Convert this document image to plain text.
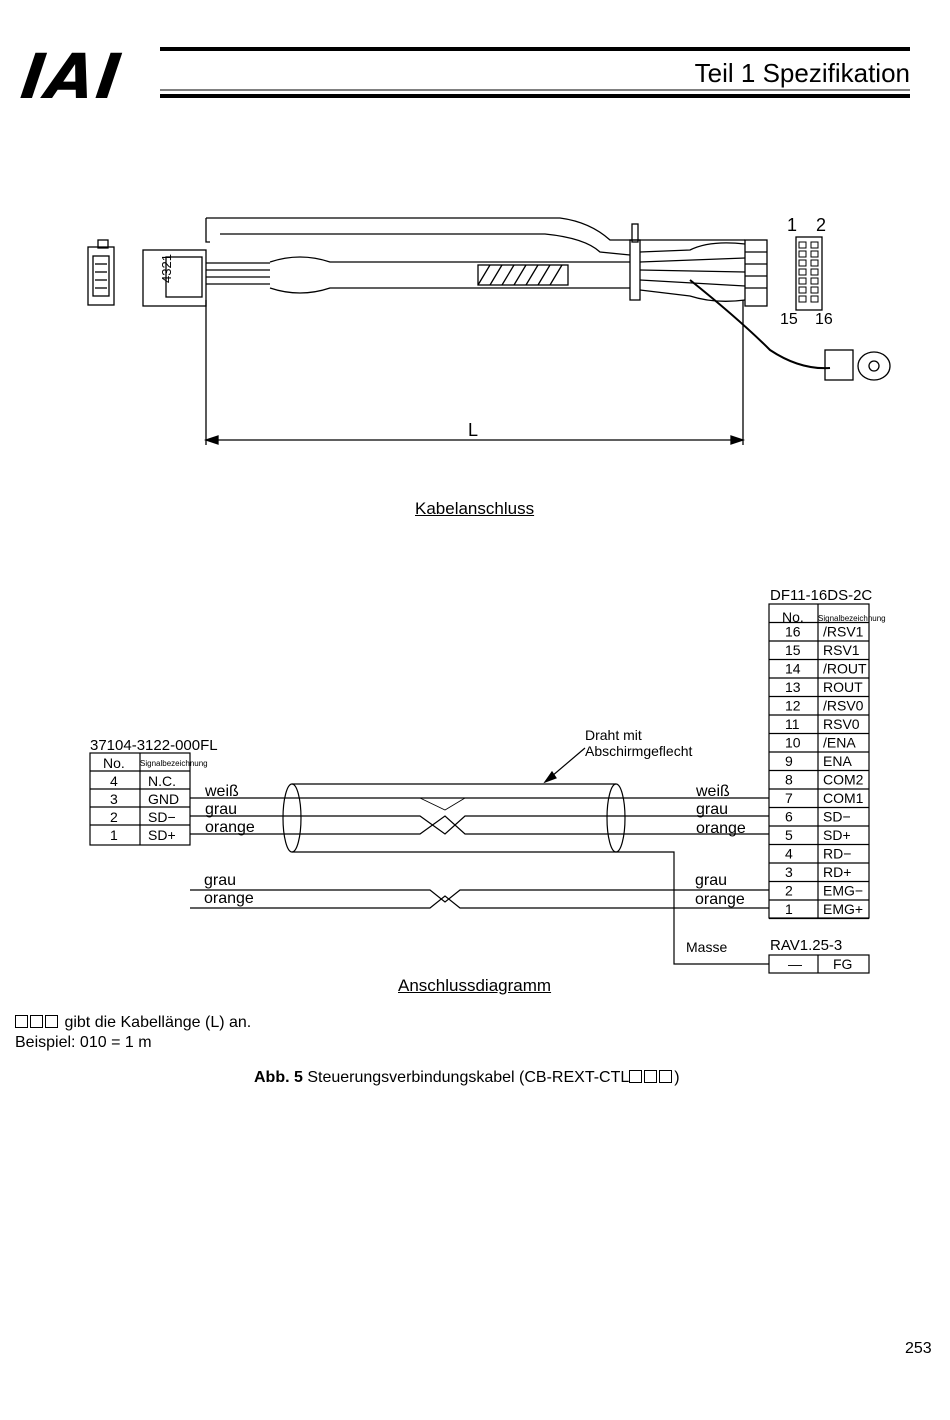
IAI	Teil 1 Spezifikation
4321
1 2
15 16
L
Kabelanschluss
37104-3122-000FL
No. Signalbezeichnung
4 N.C.
3 GND
2 SD−
1 SD+
DF11-16DS-2C
No. Signalbezeichnung
16 /RSV1
15 RSV1
14 /ROUT
13 ROUT
12 /RSV0
11 RSV0
10 /ENA
9 ENA
8 COM2
7 COM1
6 SD−
5 SD+
4 RD−
3 RD+
2 EMG−
1 EMG+
RAV1.25-3
— FG
Draht mit
Abschirmgeflecht
weiß
grau
orange
weiß
grau
orange
grau
orange
grau
orange
Masse
Anschlussdiagramm
gibt die Kabellänge (L) an.
Beispiel: 010 = 1 m
Abb. 5 Steuerungsverbindungskabel (CB-REXT-CTL	)
253
